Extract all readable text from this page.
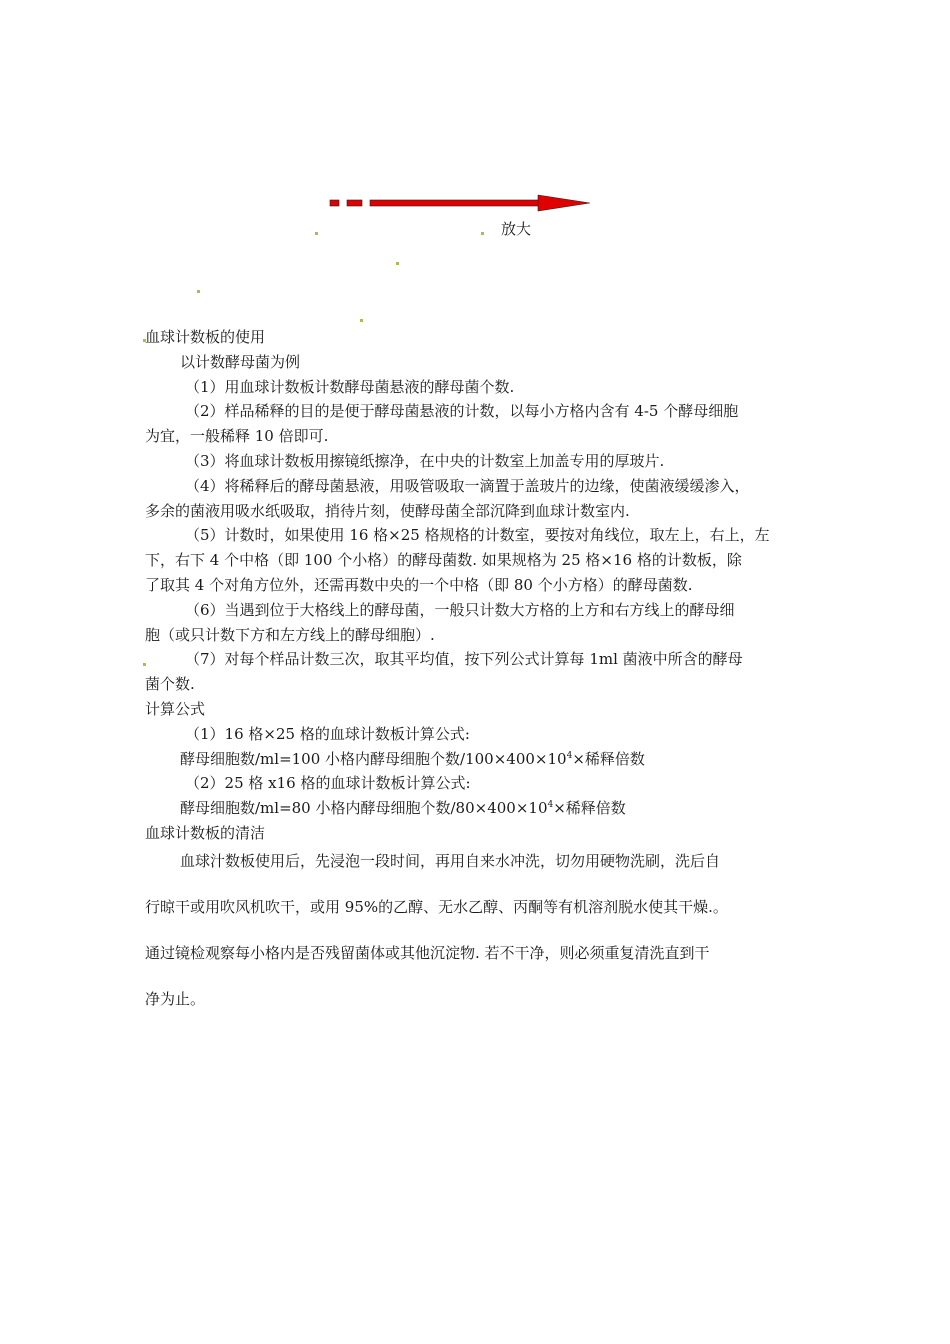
放大
血球计数板的使用
以计数酵母菌为例
（1）用血球计数板计数酵母菌悬液的酵母菌个数.
（2）样品稀释的目的是便于酵母菌悬液的计数，以每小方格内含有 4-5 个酵母细胞
为宜，一般稀释 10 倍即可.
（3）将血球计数板用擦镜纸擦净，在中央的计数室上加盖专用的厚玻片.
（4）将稀释后的酵母菌悬液，用吸管吸取一滴置于盖玻片的边缘，使菌液缓缓渗入，
多余的菌液用吸水纸吸取，捎待片刻，使酵母菌全部沉降到血球计数室内.
（5）计数时，如果使用 16 格×25 格规格的计数室，要按对角线位，取左上，右上，左
下，右下 4 个中格（即 100 个小格）的酵母菌数. 如果规格为 25 格×16 格的计数板，除
了取其 4 个对角方位外，还需再数中央的一个中格（即 80 个小方格）的酵母菌数.
（6）当遇到位于大格线上的酵母菌，一般只计数大方格的上方和右方线上的酵母细
胞（或只计数下方和左方线上的酵母细胞）.
（7）对每个样品计数三次，取其平均值，按下列公式计算每 1ml 菌液中所含的酵母
菌个数.
计算公式
（1）16 格×25 格的血球计数板计算公式:
酵母细胞数/ml=100 小格内酵母细胞个数$/100\times 400\times 10^4\times$稀释倍数
（2）25 格 x16 格的血球计数板计算公式:
酵母细胞数/ml=80 小格内酵母细胞个数$/80\times 400\times 10^4\times$稀释倍数
血球计数板的清洁
血球汁数板使用后，先浸泡一段时间，再用自来水冲洗，切勿用硬物洗刷，洗后自
行晾干或用吹风机吹干，或用 95%的乙醇、无水乙醇、丙酮等有机溶剂脱水使其干燥.。
通过镜检观察每小格内是否残留菌体或其他沉淀物. 若不干净，则必须重复清洗直到干
净为止。
